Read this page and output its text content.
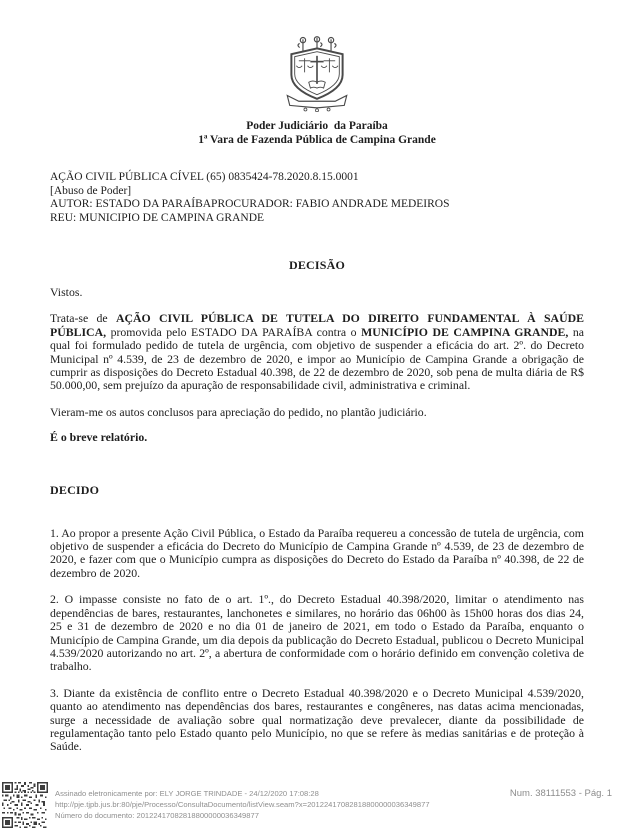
Poder Judiciário  da Paraíba
1ª Vara de Fazenda Pública de Campina Grande
AÇÃO CIVIL PÚBLICA CÍVEL (65) 0835424-78.2020.8.15.0001
[Abuso de Poder]
AUTOR: ESTADO DA PARAÍBAPROCURADOR: FABIO ANDRADE MEDEIROS
REU: MUNICIPIO DE CAMPINA GRANDE
DECISÃO
Vistos.

Trata-se de AÇÃO CIVIL PÚBLICA DE TUTELA DO DIREITO FUNDAMENTAL À SAÚDE PÚBLICA, promovida pelo ESTADO DA PARAÍBA contra o MUNICÍPIO DE CAMPINA GRANDE, na qual foi formulado pedido de tutela de urgência, com objetivo de suspender a eficácia do art. 2º. do Decreto Municipal nº 4.539, de 23 de dezembro de 2020, e impor ao Município de Campina Grande a obrigação de cumprir as disposições do Decreto Estadual 40.398, de 22 de dezembro de 2020, sob pena de multa diária de R$ 50.000,00, sem prejuízo da apuração de responsabilidade civil, administrativa e criminal.

Vieram-me os autos conclusos para apreciação do pedido, no plantão judiciário.

É o breve relatório.
DECIDO

1. Ao propor a presente Ação Civil Pública, o Estado da Paraíba requereu a concessão de tutela de urgência, com objetivo de suspender a eficácia do Decreto do Município de Campina Grande nº 4.539, de 23 de dezembro de 2020, e fazer com que o Município cumpra as disposições do Decreto do Estado da Paraíba nº 40.398, de 22 de dezembro de 2020.

2. O impasse consiste no fato de o art. 1º., do Decreto Estadual 40.398/2020, limitar o atendimento nas dependências de bares, restaurantes, lanchonetes e similares, no horário das 06h00 às 15h00 horas dos dias 24, 25 e 31 de dezembro de 2020 e no dia 01 de janeiro de 2021, em todo o Estado da Paraíba, enquanto o Município de Campina Grande, um dia depois da publicação do Decreto Estadual, publicou o Decreto Municipal 4.539/2020 autorizando no art. 2º, a abertura de conformidade com o horário definido em convenção coletiva de trabalho.

3. Diante da existência de conflito entre o Decreto Estadual 40.398/2020 e o Decreto Municipal 4.539/2020, quanto ao atendimento nas dependências dos bares, restaurantes e congêneres, nas datas acima mencionadas, surge a necessidade de avaliação sobre qual normatização deve prevalecer, diante da possibilidade de regulamentação tanto pelo Estado quanto pelo Município, no que se refere às medias sanitárias e de proteção à Saúde.

Assinado eletronicamente por: ELY JORGE TRINDADE - 24/12/2020 17:08:28
http://pje.tjpb.jus.br:80/pje/Processo/ConsultaDocumento/listView.seam?x=20122417082818800000036349877
Número do documento: 20122417082818800000036349877
Num. 38111553 - Pág. 1
